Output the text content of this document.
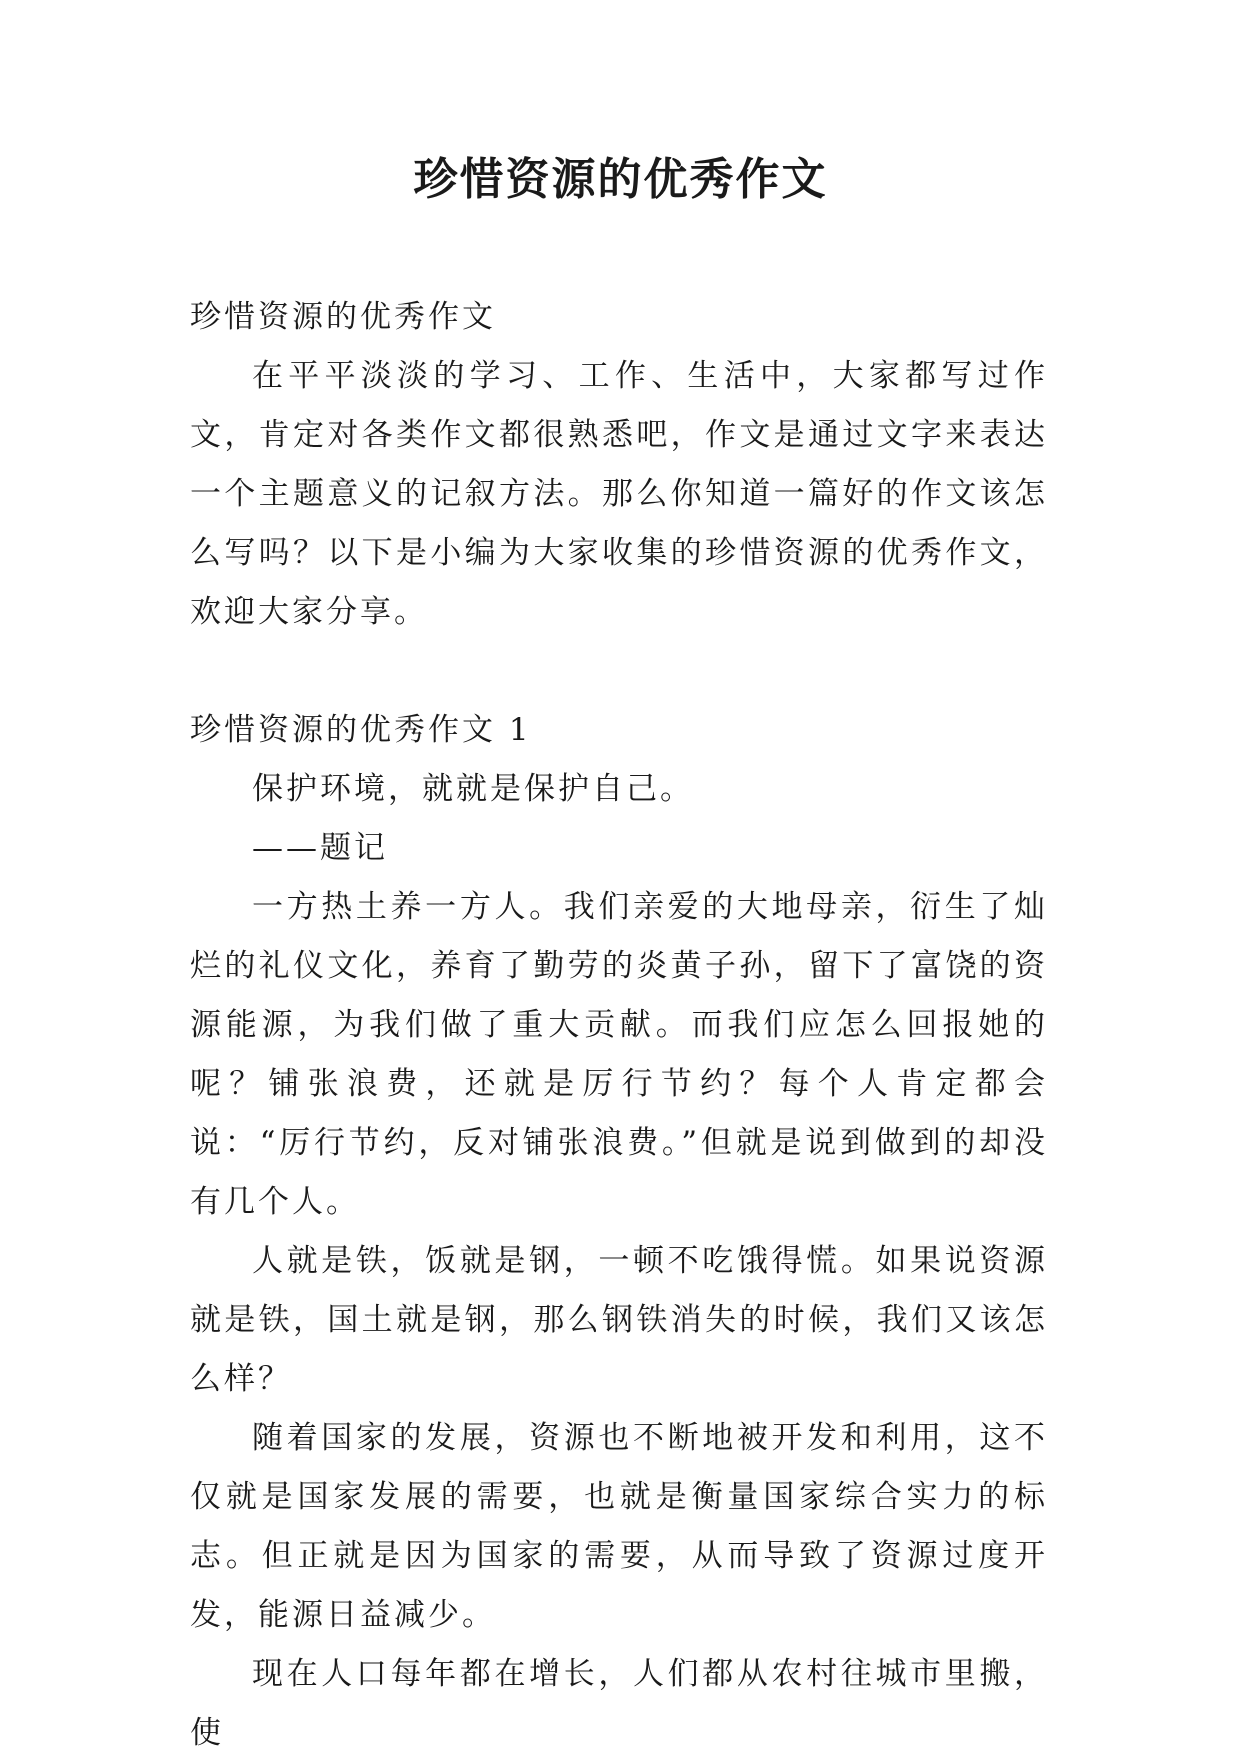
珍惜资源的优秀作文

珍惜资源的优秀作文

在平平淡淡的学习、工作、生活中，大家都写过作文，肯定对各类作文都很熟悉吧，作文是通过文字来表达一个主题意义的记叙方法。那么你知道一篇好的作文该怎么写吗？以下是小编为大家收集的珍惜资源的优秀作文，欢迎大家分享。

珍惜资源的优秀作文 1

保护环境，就就是保护自己。

——题记

一方热土养一方人。我们亲爱的大地母亲，衍生了灿烂的礼仪文化，养育了勤劳的炎黄子孙，留下了富饶的资源能源，为我们做了重大贡献。而我们应怎么回报她的呢？铺张浪费，还就是厉行节约？每个人肯定都会说：“厉行节约，反对铺张浪费。”但就是说到做到的却没有几个人。

人就是铁，饭就是钢，一顿不吃饿得慌。如果说资源就是铁，国土就是钢，那么钢铁消失的时候，我们又该怎么样？

随着国家的发展，资源也不断地被开发和利用，这不仅就是国家发展的需要，也就是衡量国家综合实力的标志。但正就是因为国家的需要，从而导致了资源过度开发，能源日益减少。

现在人口每年都在增长，人们都从农村往城市里搬，使
